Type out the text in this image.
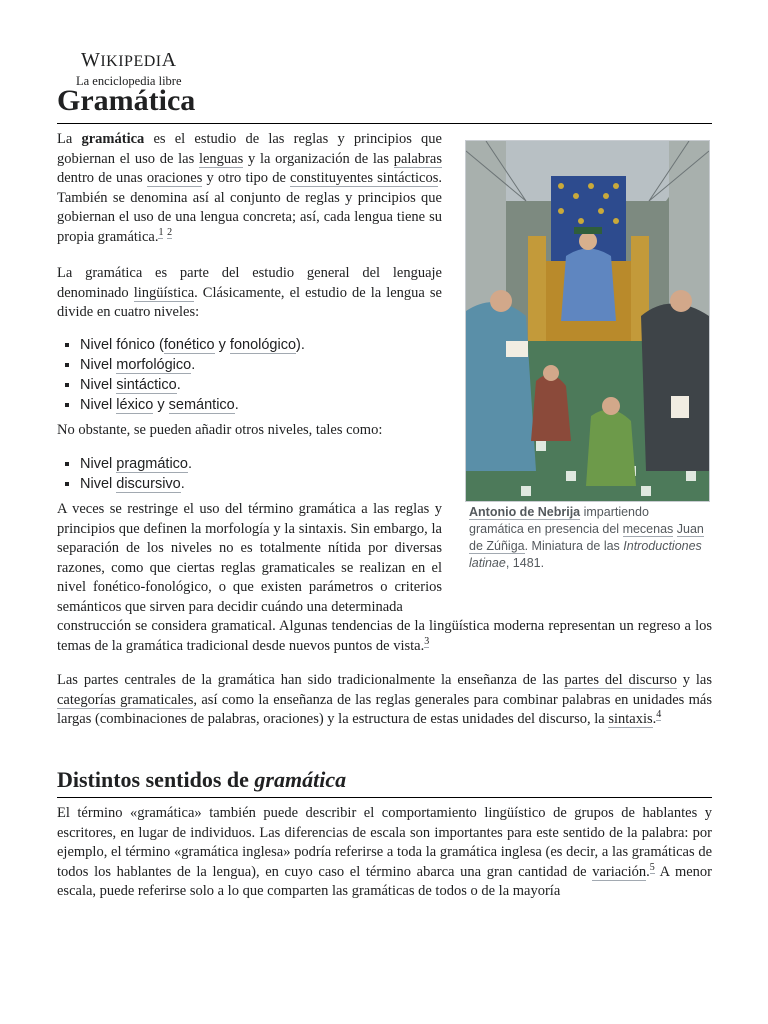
WIKIPEDIA
La enciclopedia libre
Gramática
Antonio de Nebrija impartiendo gramática en presencia del mecenas Juan de Zúñiga. Miniatura de las Introductiones latinae, 1481.

La gramática es el estudio de las reglas y principios que gobiernan el uso de las lenguas y la organización de las palabras dentro de unas oraciones y otro tipo de constituyentes sintácticos. También se denomina así al conjunto de reglas y principios que gobiernan el uso de una lengua concreta; así, cada lengua tiene su propia gramática.$^1$ $^2$

La gramática es parte del estudio general del lenguaje denominado lingüística. Clásicamente, el estudio de la lengua se divide en cuatro niveles:

▪ Nivel fónico (fonético y fonológico).
▪ Nivel morfológico.
▪ Nivel sintáctico.
▪ Nivel léxico y semántico.

No obstante, se pueden añadir otros niveles, tales como:

▪ Nivel pragmático.
▪ Nivel discursivo.

A veces se restringe el uso del término gramática a las reglas y principios que definen la morfología y la sintaxis. Sin embargo, la separación de los niveles no es totalmente nítida por diversas razones, como que ciertas reglas gramaticales se realizan en el nivel fonético-fonológico, o que existen parámetros o criterios semánticos que sirven para decidir cuándo una determinada
construcción se considera gramatical. Algunas tendencias de la lingüística moderna representan un regreso a los temas de la gramática tradicional desde nuevos puntos de vista.$^3$

Las partes centrales de la gramática han sido tradicionalmente la enseñanza de las partes del discurso y las categorías gramaticales, así como la enseñanza de las reglas generales para combinar palabras en unidades más largas (combinaciones de palabras, oraciones) y la estructura de estas unidades del discurso, la sintaxis.$^4$

Distintos sentidos de gramática

El término «gramática» también puede describir el comportamiento lingüístico de grupos de hablantes y escritores, en lugar de individuos. Las diferencias de escala son importantes para este sentido de la palabra: por ejemplo, el término «gramática inglesa» podría referirse a toda la gramática inglesa (es decir, a las gramáticas de todos los hablantes de la lengua), en cuyo caso el término abarca una gran cantidad de variación.$^5$ A menor escala, puede referirse solo a lo que comparten las gramáticas de todos o de la mayoría
